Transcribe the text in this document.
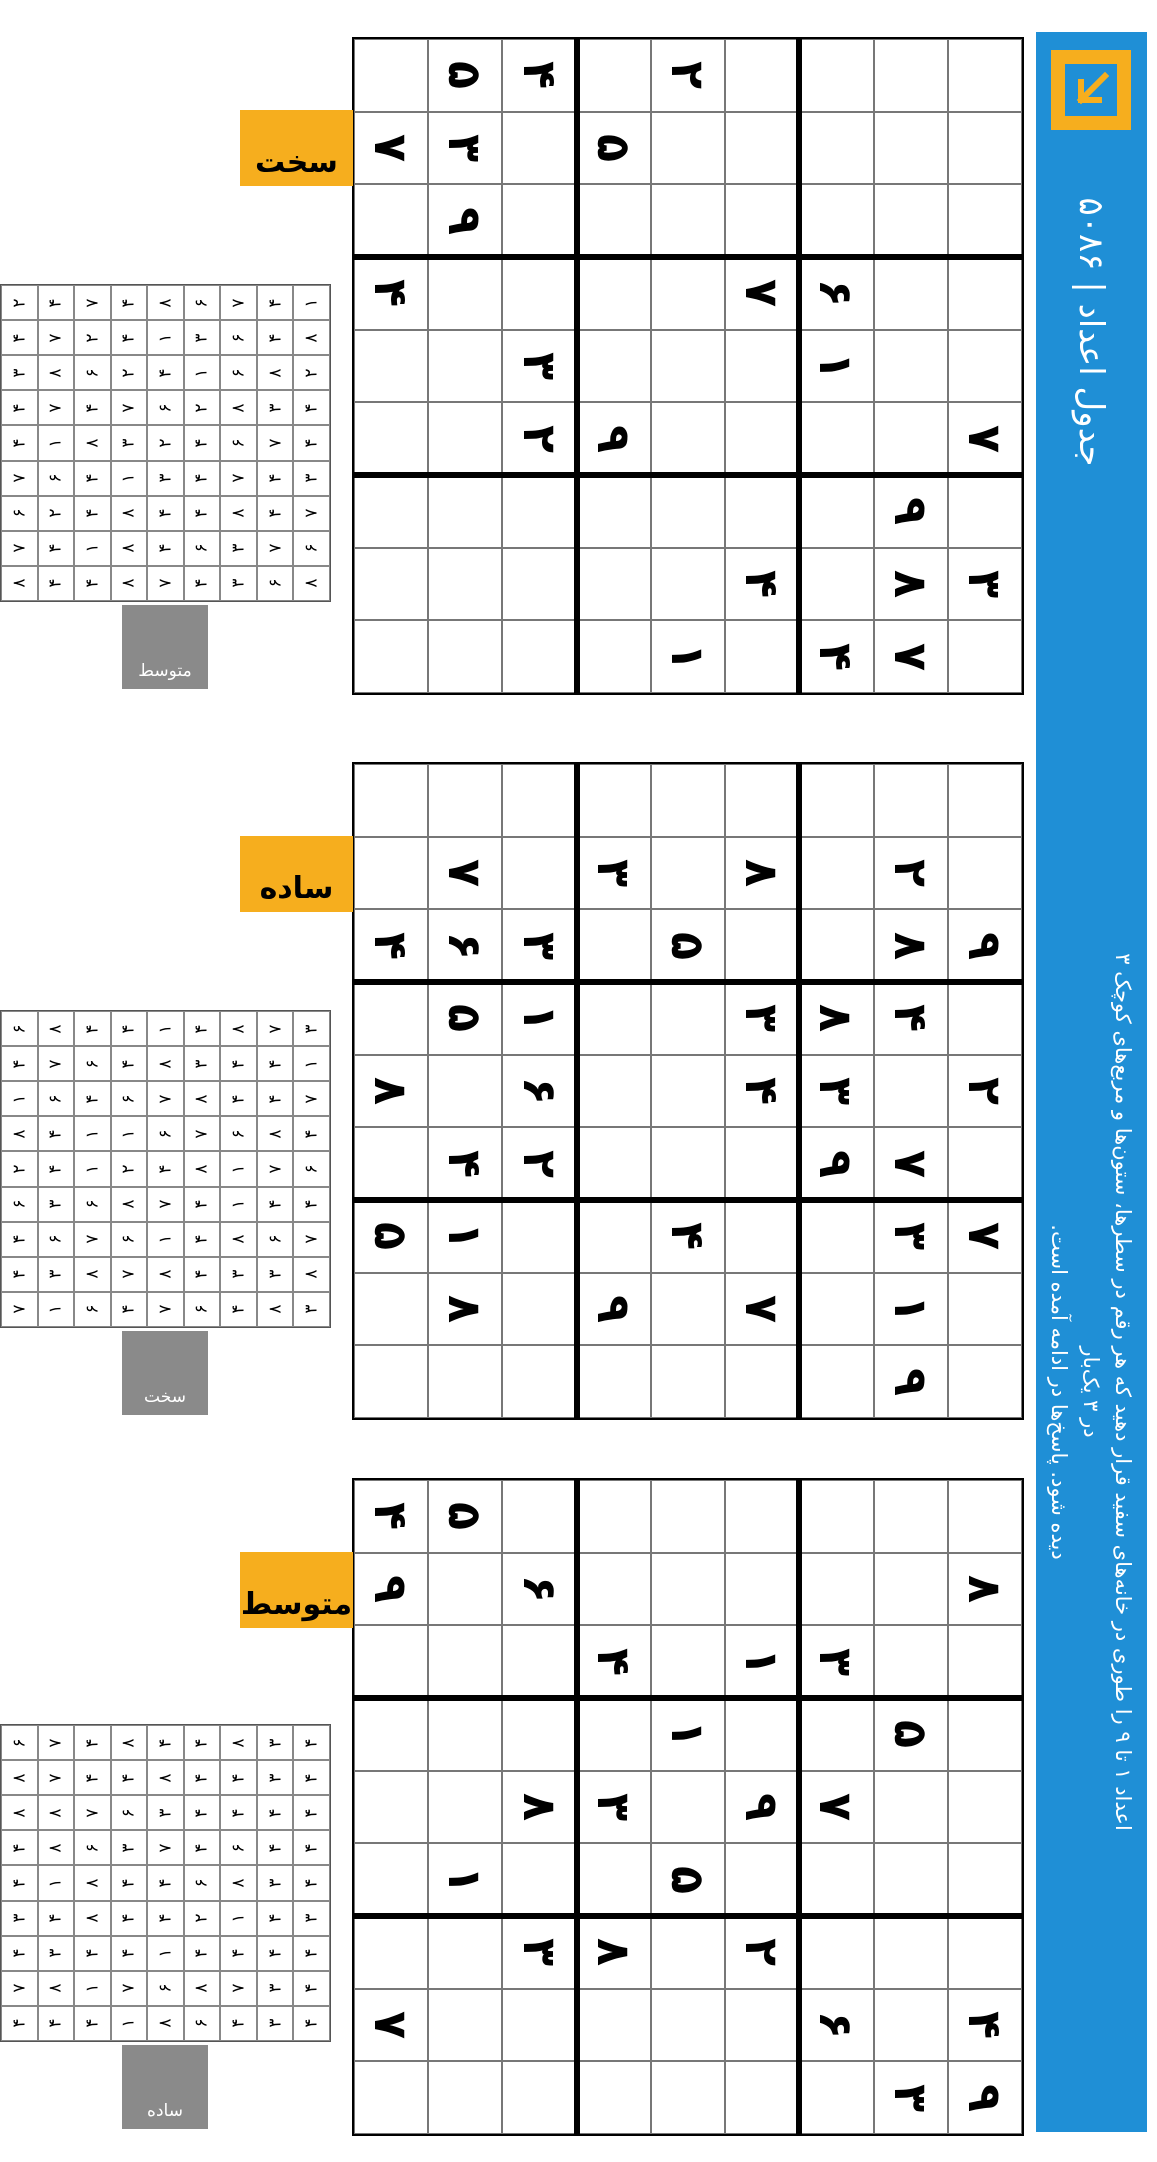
جدول اعداد | ۵۰۸۶
اعداد ۱ تا ۹ را طوری در خانه‌های سفید قرار دهید که هر رقم در سطرها، ستون‌ها و مربع‌های کوچک ۳ در ۳ یک‌بار
دیده شود. پاسخ‌ها در ادامه آمده است.
۷
۴
۵
۳
۹
۴
۳
۲
۵
۹
۲
۱
۷
۴
۶
۱
۴
۹
۸
۷
۷
۳
۴
۸
۵
۷
۶
۵
۴
۱
۸
۳
۱
۶
۲
۳
۹
۵
۴
۸
۳
۴
۷
۸
۳
۹
۲
۸
۴
۷
۳
۱
۹
۹
۲
۷
۴
۹
۷
۵
۱
۶
۸
۳
۴
۳
۸
۱
۵
۱
۹
۲
۳
۷
۶
۵
۳
۸
۴
۹
سخت
ساده
متوسط
۲
۴
۳
۴
۴
۷
۶
۷
۸
۴
۷
۸
۷
۱
۶
۲
۴
۴
۷
۲
۶
۴
۸
۴
۴
۱
۴
۴
۴
۲
۷
۳
۱
۸
۸
۸
۸
۱
۴
۶
۲
۳
۴
۴
۷
۶
۳
۱
۲
۴
۴
۴
۶
۴
۷
۶
۶
۸
۶
۷
۸
۳
۳
۴
۴
۸
۳
۷
۴
۴
۷
۶
۱
۸
۲
۴
۴
۳
۷
۶
۸
متوسط
۶
۴
۱
۸
۲
۶
۴
۴
۷
۸
۷
۶
۴
۴
۳
۶
۳
۱
۴
۶
۴
۱
۱
۶
۷
۸
۶
۴
۴
۶
۱
۲
۸
۶
۷
۴
۱
۸
۷
۶
۴
۷
۱
۸
۷
۴
۳
۸
۷
۸
۴
۴
۴
۶
۸
۴
۴
۶
۱
۱
۸
۳
۴
۷
۴
۴
۸
۷
۴
۶
۳
۸
۳
۱
۷
۴
۶
۴
۷
۸
۳
سخت
۶
۸
۸
۴
۴
۳
۴
۷
۴
۷
۷
۸
۸
۱
۴
۳
۸
۴
۴
۴
۷
۶
۸
۸
۴
۱
۴
۸
۴
۶
۳
۴
۴
۴
۷
۱
۴
۸
۳
۷
۴
۴
۱
۶
۸
۴
۴
۴
۴
۶
۲
۴
۸
۶
۸
۴
۴
۶
۸
۱
۴
۷
۴
۳
۳
۴
۴
۳
۴
۴
۳
۳
۴
۴
۴
۴
۴
۳
۴
۴
۴
ساده
